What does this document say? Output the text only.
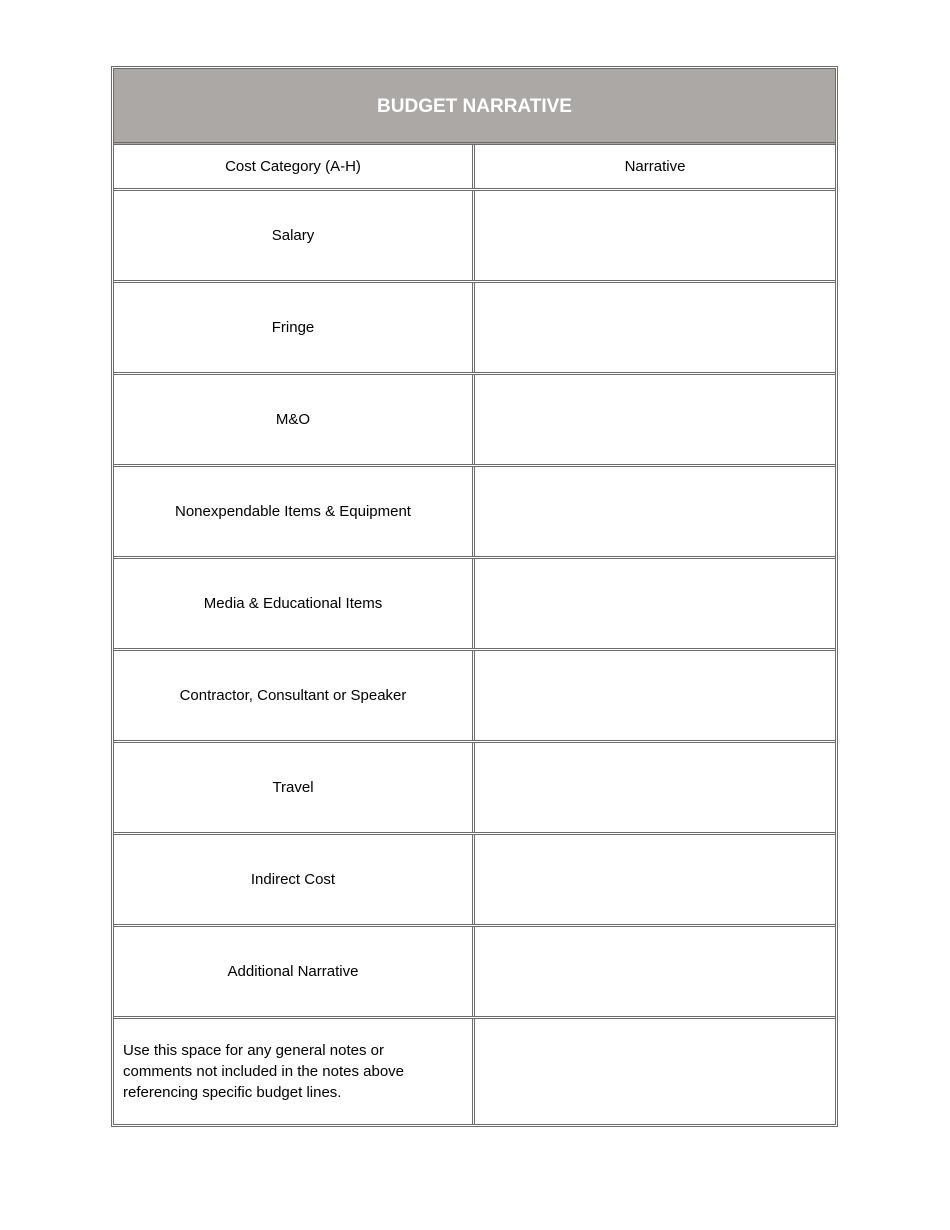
BUDGET NARRATIVE
Cost Category (A-H)	Narrative
Salary
Fringe
M&O
Nonexpendable Items & Equipment
Media & Educational Items
Contractor, Consultant or Speaker
Travel
Indirect Cost
Additional Narrative
Use this space for any general notes or comments not included in the notes above referencing specific budget lines.
